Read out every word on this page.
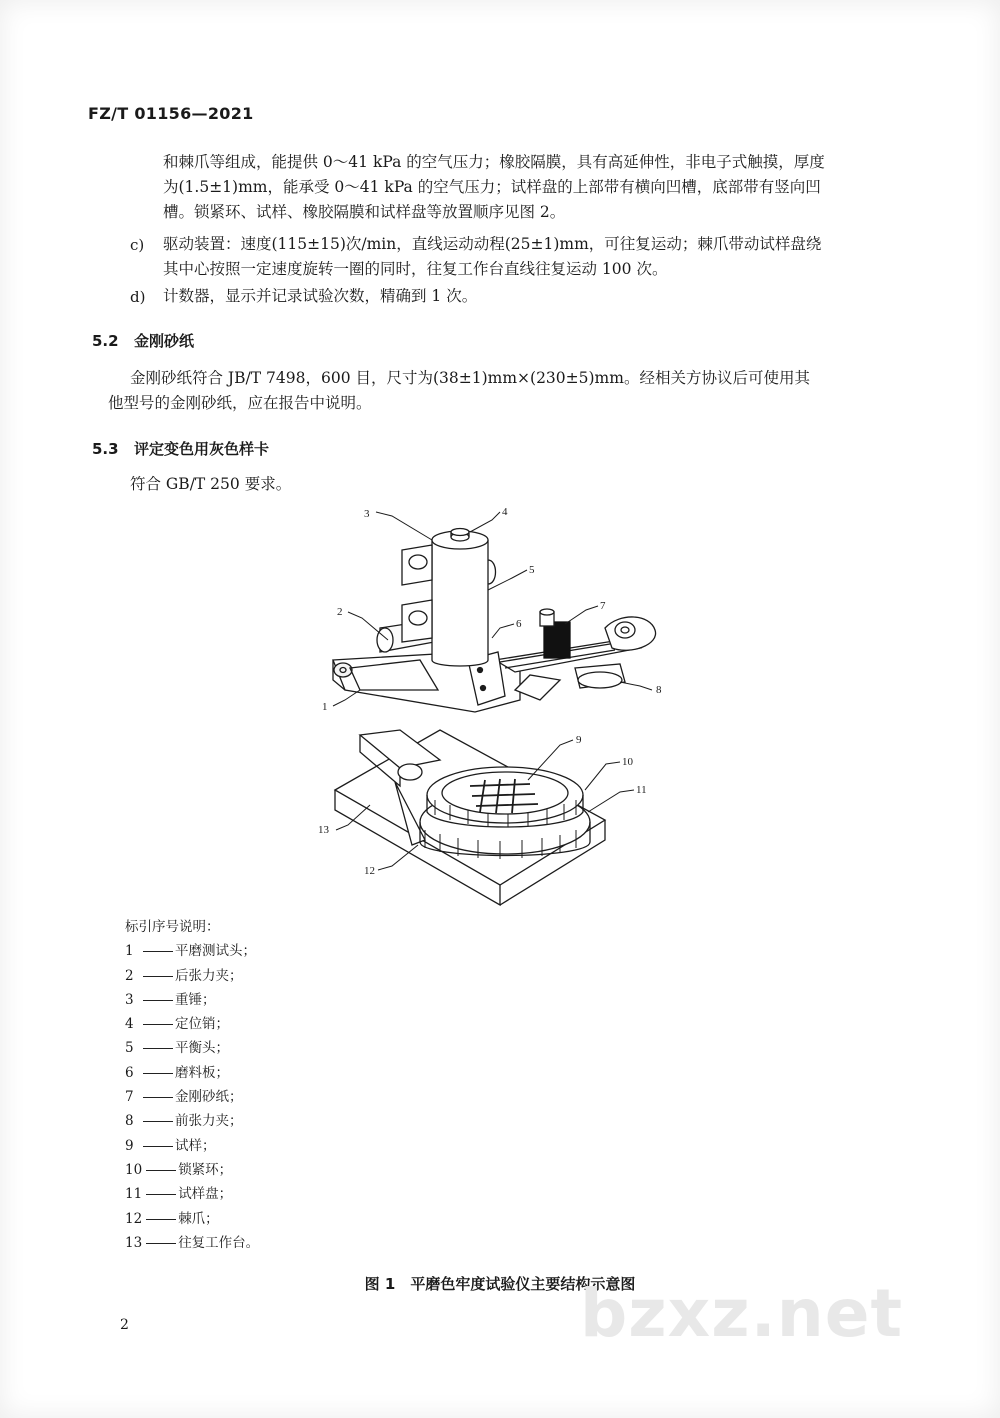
FZ/T 01156—2021
和棘爪等组成，能提供 0～41 kPa 的空气压力；橡胶隔膜，具有高延伸性，非电子式触摸，厚度
为(1.5±1)mm，能承受 0～41 kPa 的空气压力；试样盘的上部带有横向凹槽，底部带有竖向凹
槽。锁紧环、试样、橡胶隔膜和试样盘等放置顺序见图 2。
c) 驱动装置：速度(115±15)次/min，直线运动动程(25±1)mm，可往复运动；棘爪带动试样盘绕
其中心按照一定速度旋转一圈的同时，往复工作台直线往复运动 100 次。
d) 计数器，显示并记录试验次数，精确到 1 次。
5.2 金刚砂纸
金刚砂纸符合 JB/T 7498，600 目，尺寸为(38±1)mm×(230±5)mm。经相关方协议后可使用其
他型号的金刚砂纸，应在报告中说明。
5.3 评定变色用灰色样卡
符合 GB/T 250 要求。
3	4
5
2
6
7
8
1
9
10
11
13
12
标引序号说明：
1	平磨测试头；
2	后张力夹；
3	重锤；
4	定位销；
5	平衡头；
6	磨料板；
7	金刚砂纸；
8	前张力夹；
9	试样；
10	锁紧环；
11	试样盘；
12	棘爪；
13	往复工作台。
图 1　平磨色牢度试验仪主要结构示意图
bzxz.net
2
